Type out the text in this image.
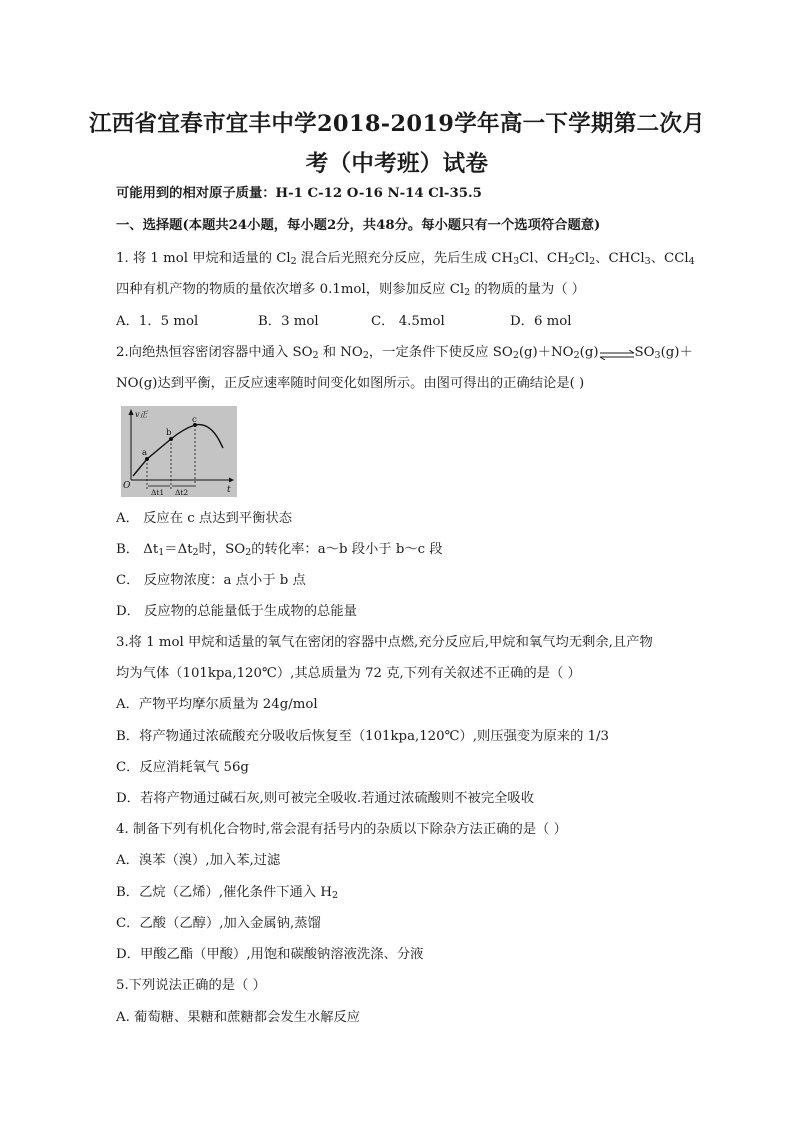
江西省宜春市宜丰中学2018-2019学年高一下学期第二次月
考（中考班）试卷
可能用到的相对原子质量：H-1 C-12 O-16 N-14 Cl-35.5
一、选择题(本题共24小题，每小题2分，共48分。每小题只有一个选项符合题意)
1. 将 1 mol 甲烷和适量的 $Cl_2$ 混合后光照充分反应，先后生成 $CH_3Cl$、$CH_2Cl_2$、CHCl$_3$、CCl$_4$
四种有机产物的物质的量依次增多 0.1mol，则参加反应 $Cl_2$ 的物质的量为（ ）
A．1．5 mol	B．3 mol	C． 4.5mol	D．6 mol
2.向绝热恒容密闭容器中通入 $SO_2$ 和 $NO_2$，一定条件下使反应 $SO_2(g)+NO_2(g)\rightleftharpoons SO_3(g)+$
NO(g)达到平衡，正反应速率随时间变化如图所示。由图可得出的正确结论是( )
v正
t
O
a
b
c
Δt1 Δt2
A． 反应在 c 点达到平衡状态
B． $\Delta t_1=\Delta t_2$时，$SO_2$的转化率：a～b 段小于 b～c 段
C． 反应物浓度：a 点小于 b 点
D． 反应物的总能量低于生成物的总能量
3.将 1 mol 甲烷和适量的氧气在密闭的容器中点燃,充分反应后,甲烷和氧气均无剩余,且产物
均为气体（101kpa,120℃）,其总质量为 72 克,下列有关叙述不正确的是（ ）
A．产物平均摩尔质量为 24g/mol
B．将产物通过浓硫酸充分吸收后恢复至（101kpa,120℃）,则压强变为原来的 1/3
C．反应消耗氧气 56g
D．若将产物通过碱石灰,则可被完全吸收.若通过浓硫酸则不被完全吸收
4. 制备下列有机化合物时,常会混有括号内的杂质以下除杂方法正确的是（ ）
A．溴苯（溴）,加入苯,过滤
B．乙烷（乙烯）,催化条件下通入 $H_2$
C．乙酸（乙醇）,加入金属钠,蒸馏
D．甲酸乙酯（甲酸）,用饱和碳酸钠溶液洗涤、分液
5.下列说法正确的是（ ）
A. 葡萄糖、果糖和蔗糖都会发生水解反应
